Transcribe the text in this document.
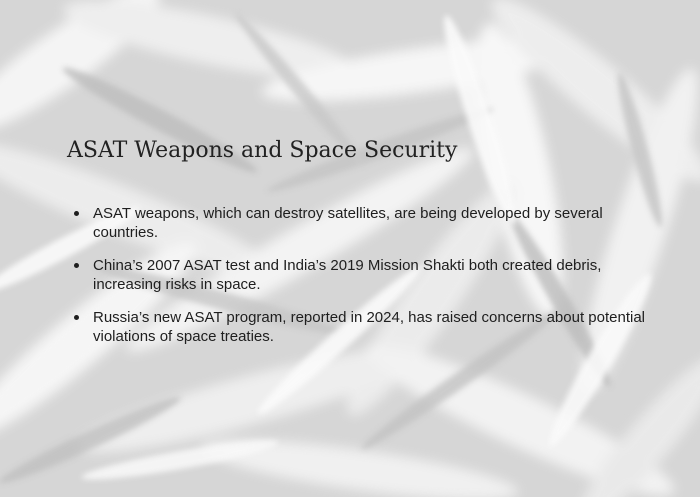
ASAT Weapons and Space Security
ASAT weapons, which can destroy satellites, are being developed by several countries.
China’s 2007 ASAT test and India’s 2019 Mission Shakti both created debris, increasing risks in space.
Russia’s new ASAT program, reported in 2024, has raised concerns about potential violations of space treaties.
